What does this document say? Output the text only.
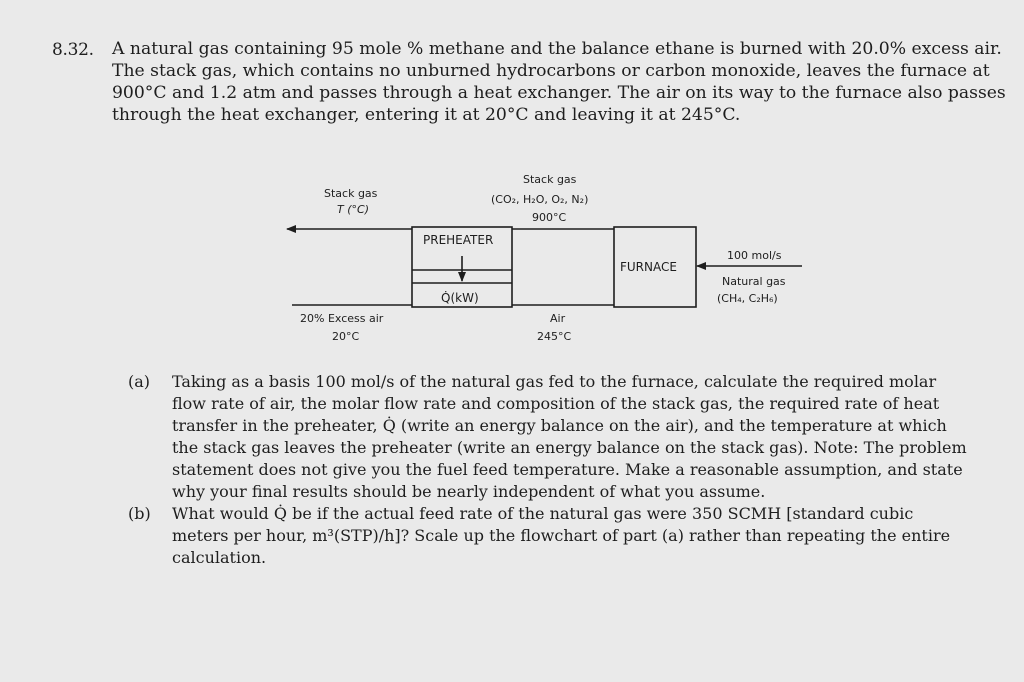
8.32. A natural gas containing 95 mole % methane and the balance ethane is burned with 20.0% excess air.
The stack gas, which contains no unburned hydrocarbons or carbon monoxide, leaves the furnace at
900°C and 1.2 atm and passes through a heat exchanger. The air on its way to the furnace also passes
through the heat exchanger, entering it at 20°C and leaving it at 245°C.
PREHEATER
FURNACE
Q̇(kW)
Stack gas
T (°C)
Stack gas
(CO₂, H₂O, O₂, N₂)
900°C
100 mol/s
Natural gas
(CH₄, C₂H₆)
20% Excess air
20°C
Air
245°C
(a) Taking as a basis 100 mol/s of the natural gas fed to the furnace, calculate the required molar
flow rate of air, the molar flow rate and composition of the stack gas, the required rate of heat
transfer in the preheater, Q̇ (write an energy balance on the air), and the temperature at which
the stack gas leaves the preheater (write an energy balance on the stack gas). Note: The problem
statement does not give you the fuel feed temperature. Make a reasonable assumption, and state
why your final results should be nearly independent of what you assume.
(b) What would Q̇ be if the actual feed rate of the natural gas were 350 SCMH [standard cubic
meters per hour, m³(STP)/h]? Scale up the flowchart of part (a) rather than repeating the entire
calculation.
